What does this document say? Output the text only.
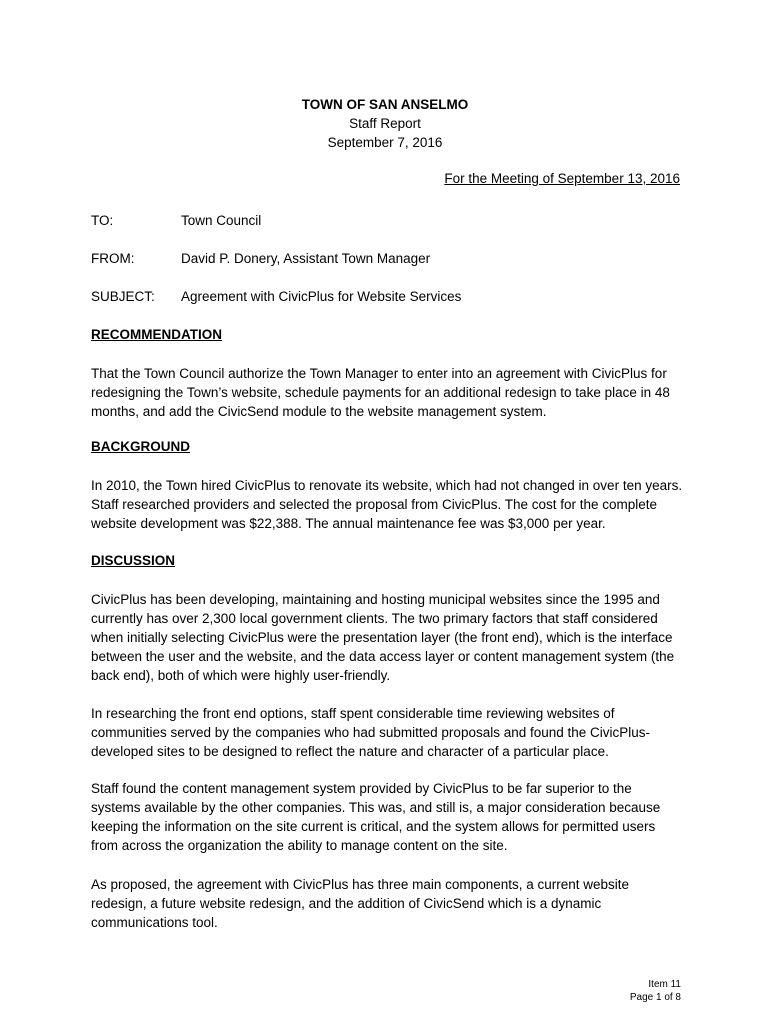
TOWN OF SAN ANSELMO
Staff Report
September 7, 2016
For the Meeting of September 13, 2016
TO:	Town Council
FROM:	David P. Donery, Assistant Town Manager
SUBJECT: Agreement with CivicPlus for Website Services
RECOMMENDATION
That the Town Council authorize the Town Manager to enter into an agreement with CivicPlus for redesigning the Town’s website, schedule payments for an additional redesign to take place in 48 months, and add the CivicSend module to the website management system.
BACKGROUND
In 2010, the Town hired CivicPlus to renovate its website, which had not changed in over ten years. Staff researched providers and selected the proposal from CivicPlus. The cost for the complete website development was $22,388. The annual maintenance fee was $3,000 per year.
DISCUSSION
CivicPlus has been developing, maintaining and hosting municipal websites since the 1995 and currently has over 2,300 local government clients. The two primary factors that staff considered when initially selecting CivicPlus were the presentation layer (the front end), which is the interface between the user and the website, and the data access layer or content management system (the back end), both of which were highly user-friendly.
In researching the front end options, staff spent considerable time reviewing websites of communities served by the companies who had submitted proposals and found the CivicPlus-developed sites to be designed to reflect the nature and character of a particular place.
Staff found the content management system provided by CivicPlus to be far superior to the systems available by the other companies. This was, and still is, a major consideration because keeping the information on the site current is critical, and the system allows for permitted users from across the organization the ability to manage content on the site.
As proposed, the agreement with CivicPlus has three main components, a current website redesign, a future website redesign, and the addition of CivicSend which is a dynamic communications tool.
Item 11
Page 1 of 8
